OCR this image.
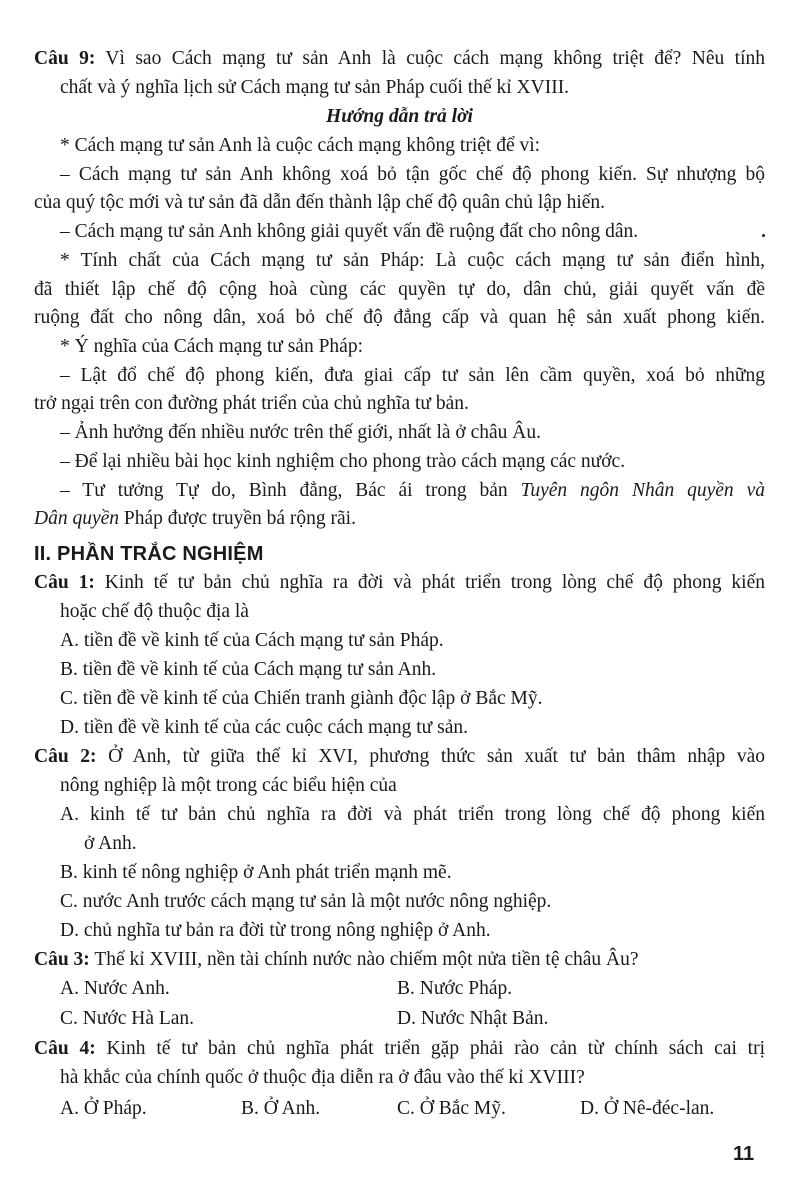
Câu 9: Vì sao Cách mạng tư sản Anh là cuộc cách mạng không triệt để? Nêu tính
chất và ý nghĩa lịch sử Cách mạng tư sản Pháp cuối thế kỉ XVIII.
Hướng dẫn trả lời
* Cách mạng tư sản Anh là cuộc cách mạng không triệt để vì:
– Cách mạng tư sản Anh không xoá bỏ tận gốc chế độ phong kiến. Sự nhượng bộ
của quý tộc mới và tư sản đã dẫn đến thành lập chế độ quân chủ lập hiến.
– Cách mạng tư sản Anh không giải quyết vấn đề ruộng đất cho nông dân.
* Tính chất của Cách mạng tư sản Pháp: Là cuộc cách mạng tư sản điển hình,
đã thiết lập chế độ cộng hoà cùng các quyền tự do, dân chủ, giải quyết vấn đề
ruộng đất cho nông dân, xoá bỏ chế độ đẳng cấp và quan hệ sản xuất phong kiến.
* Ý nghĩa của Cách mạng tư sản Pháp:
– Lật đổ chế độ phong kiến, đưa giai cấp tư sản lên cầm quyền, xoá bỏ những
trở ngại trên con đường phát triển của chủ nghĩa tư bản.
– Ảnh hưởng đến nhiều nước trên thế giới, nhất là ở châu Âu.
– Để lại nhiều bài học kinh nghiệm cho phong trào cách mạng các nước.
– Tư tưởng Tự do, Bình đẳng, Bác ái trong bản Tuyên ngôn Nhân quyền và
Dân quyền Pháp được truyền bá rộng rãi.
II. PHẦN TRẮC NGHIỆM
Câu 1: Kinh tế tư bản chủ nghĩa ra đời và phát triển trong lòng chế độ phong kiến
hoặc chế độ thuộc địa là
A. tiền đề về kinh tế của Cách mạng tư sản Pháp.
B. tiền đề về kinh tế của Cách mạng tư sản Anh.
C. tiền đề về kinh tế của Chiến tranh giành độc lập ở Bắc Mỹ.
D. tiền đề về kinh tế của các cuộc cách mạng tư sản.
Câu 2: Ở Anh, từ giữa thế kỉ XVI, phương thức sản xuất tư bản thâm nhập vào
nông nghiệp là một trong các biểu hiện của
A. kinh tế tư bản chủ nghĩa ra đời và phát triển trong lòng chế độ phong kiến
ở Anh.
B. kinh tế nông nghiệp ở Anh phát triển mạnh mẽ.
C. nước Anh trước cách mạng tư sản là một nước nông nghiệp.
D. chủ nghĩa tư bản ra đời từ trong nông nghiệp ở Anh.
Câu 3: Thế kỉ XVIII, nền tài chính nước nào chiếm một nửa tiền tệ châu Âu?
A. Nước Anh.	B. Nước Pháp.
C. Nước Hà Lan.	D. Nước Nhật Bản.
Câu 4: Kinh tế tư bản chủ nghĩa phát triển gặp phải rào cản từ chính sách cai trị
hà khắc của chính quốc ở thuộc địa diễn ra ở đâu vào thế kỉ XVIII?
A. Ở Pháp.	B. Ở Anh.	C. Ở Bắc Mỹ.	D. Ở Nê-đéc-lan.
11
